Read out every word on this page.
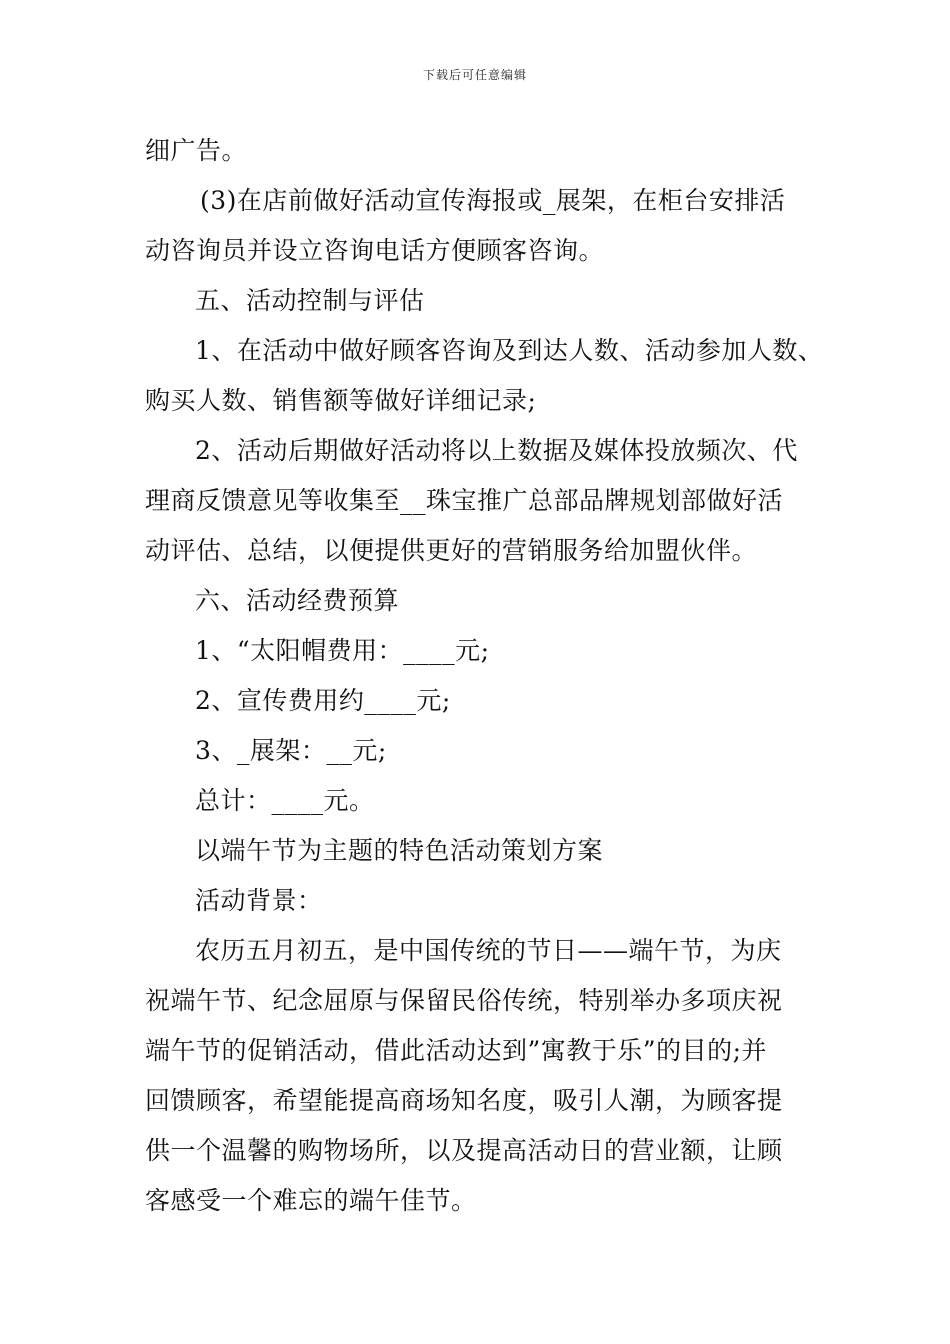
下载后可任意编辑
细广告。
(3)在店前做好活动宣传海报或_展架，在柜台安排活
动咨询员并设立咨询电话方便顾客咨询。
五、活动控制与评估
1、在活动中做好顾客咨询及到达人数、活动参加人数、
购买人数、销售额等做好详细记录;
2、活动后期做好活动将以上数据及媒体投放频次、代
理商反馈意见等收集至__珠宝推广总部品牌规划部做好活
动评估、总结，以便提供更好的营销服务给加盟伙伴。
六、活动经费预算
1、“太阳帽费用：____元;
2、宣传费用约____元;
3、_展架：__元;
总计：____元。
以端午节为主题的特色活动策划方案
活动背景：
农历五月初五，是中国传统的节日——端午节，为庆
祝端午节、纪念屈原与保留民俗传统，特别举办多项庆祝
端午节的促销活动，借此活动达到”寓教于乐”的目的;并
回馈顾客，希望能提高商场知名度，吸引人潮，为顾客提
供一个温馨的购物场所，以及提高活动日的营业额，让顾
客感受一个难忘的端午佳节。
